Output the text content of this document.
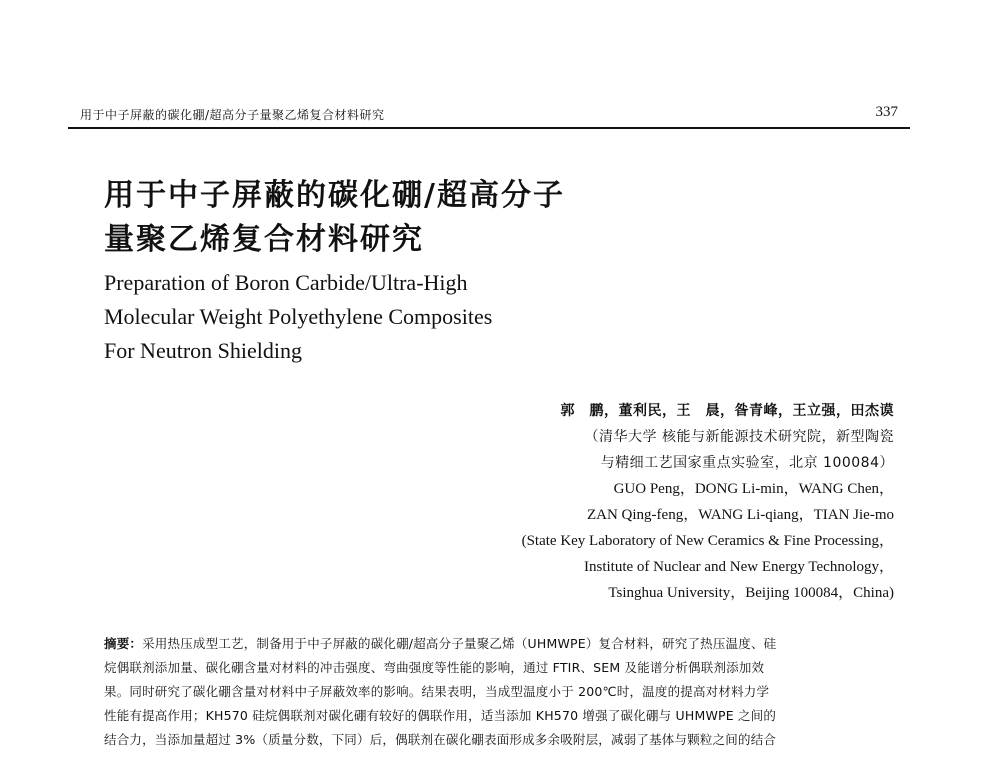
用于中子屏蔽的碳化硼/超高分子量聚乙烯复合材料研究	337
用于中子屏蔽的碳化硼/超高分子
量聚乙烯复合材料研究
Preparation of Boron Carbide/Ultra-High
Molecular Weight Polyethylene Composites
For Neutron Shielding
郭　鹏，董利民，王　晨，昝青峰，王立强，田杰谟
（清华大学 核能与新能源技术研究院，新型陶瓷
与精细工艺国家重点实验室，北京 100084）
GUO Peng，DONG Li-min，WANG Chen，
ZAN Qing-feng，WANG Li-qiang，TIAN Jie-mo
(State Key Laboratory of New Ceramics & Fine Processing，
Institute of Nuclear and New Energy Technology，
Tsinghua University，Beijing 100084，China)
摘要：采用热压成型工艺，制备用于中子屏蔽的碳化硼/超高分子量聚乙烯（UHMWPE）复合材料，研究了热压温度、硅
烷偶联剂添加量、碳化硼含量对材料的冲击强度、弯曲强度等性能的影响，通过 FTIR、SEM 及能谱分析偶联剂添加效
果。同时研究了碳化硼含量对材料中子屏蔽效率的影响。结果表明，当成型温度小于 200℃时，温度的提高对材料力学
性能有提高作用；KH570 硅烷偶联剂对碳化硼有较好的偶联作用，适当添加 KH570 增强了碳化硼与 UHMWPE 之间的
结合力，当添加量超过 3%（质量分数，下同）后，偶联剂在碳化硼表面形成多余吸附层，减弱了基体与颗粒之间的结合
